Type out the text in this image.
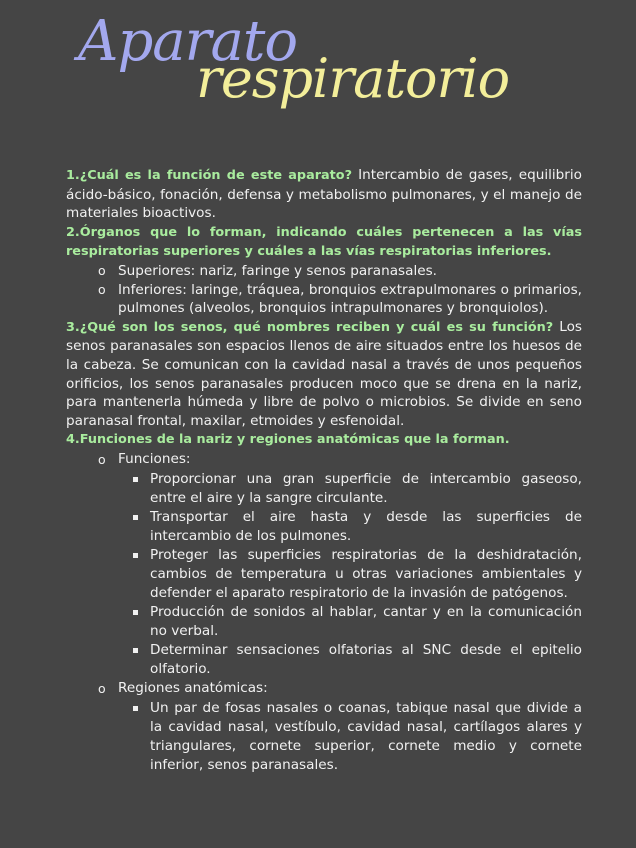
Aparato
respiratorio

1.¿Cuál es la función de este aparato? Intercambio de gases, equilibrio ácido-básico, fonación, defensa y metabolismo pulmonares, y el manejo de materiales bioactivos.

2.Órganos que lo forman, indicando cuáles pertenecen a las vías respiratorias superiores y cuáles a las vías respiratorias inferiores.

o Superiores: nariz, faringe y senos paranasales.
o Inferiores: laringe, tráquea, bronquios extrapulmonares o primarios, pulmones (alveolos, bronquios intrapulmonares y bronquiolos).

3.¿Qué son los senos, qué nombres reciben y cuál es su función? Los senos paranasales son espacios llenos de aire situados entre los huesos de la cabeza. Se comunican con la cavidad nasal a través de unos pequeños orificios, los senos paranasales producen moco que se drena en la nariz, para mantenerla húmeda y libre de polvo o microbios. Se divide en seno paranasal frontal, maxilar, etmoides y esfenoidal.

4.Funciones de la nariz y regiones anatómicas que la forman.

o Funciones:
Proporcionar una gran superficie de intercambio gaseoso, entre el aire y la sangre circulante.
Transportar el aire hasta y desde las superficies de intercambio de los pulmones.
Proteger las superficies respiratorias de la deshidratación, cambios de temperatura u otras variaciones ambientales y defender el aparato respiratorio de la invasión de patógenos.
Producción de sonidos al hablar, cantar y en la comunicación no verbal.
Determinar sensaciones olfatorias al SNC desde el epitelio olfatorio.
o Regiones anatómicas:
Un par de fosas nasales o coanas, tabique nasal que divide a la cavidad nasal, vestíbulo, cavidad nasal, cartílagos alares y triangulares, cornete superior, cornete medio y cornete inferior, senos paranasales.
